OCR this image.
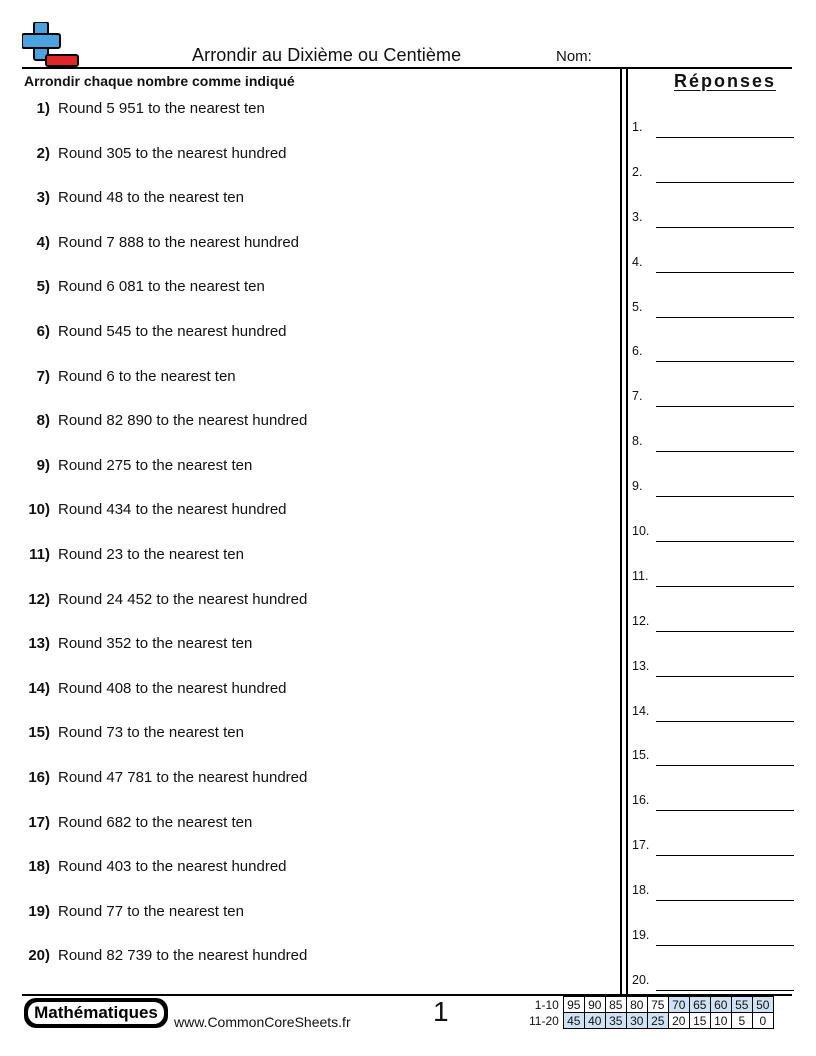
Arrondir au Dixième ou Centième	Nom:
Arrondir chaque nombre comme indiqué	Réponses
1) Round 5 951 to the nearest ten
2) Round 305 to the nearest hundred
3) Round 48 to the nearest ten
4) Round 7 888 to the nearest hundred
5) Round 6 081 to the nearest ten
6) Round 545 to the nearest hundred
7) Round 6 to the nearest ten
8) Round 82 890 to the nearest hundred
9) Round 275 to the nearest ten
10) Round 434 to the nearest hundred
11) Round 23 to the nearest ten
12) Round 24 452 to the nearest hundred
13) Round 352 to the nearest ten
14) Round 408 to the nearest hundred
15) Round 73 to the nearest ten
16) Round 47 781 to the nearest hundred
17) Round 682 to the nearest ten
18) Round 403 to the nearest hundred
19) Round 77 to the nearest ten
20) Round 82 739 to the nearest hundred
1.
2.
3.
4.
5.
6.
7.
8.
9.
10.
11.
12.
13.
14.
15.
16.
17.
18.
19.
20.
Mathématiques	www.CommonCoreSheets.fr	1	1-10	95	90	85	80	75	70	65	60	55	50
11-20	45	40	35	30	25	20	15	10	5	0
